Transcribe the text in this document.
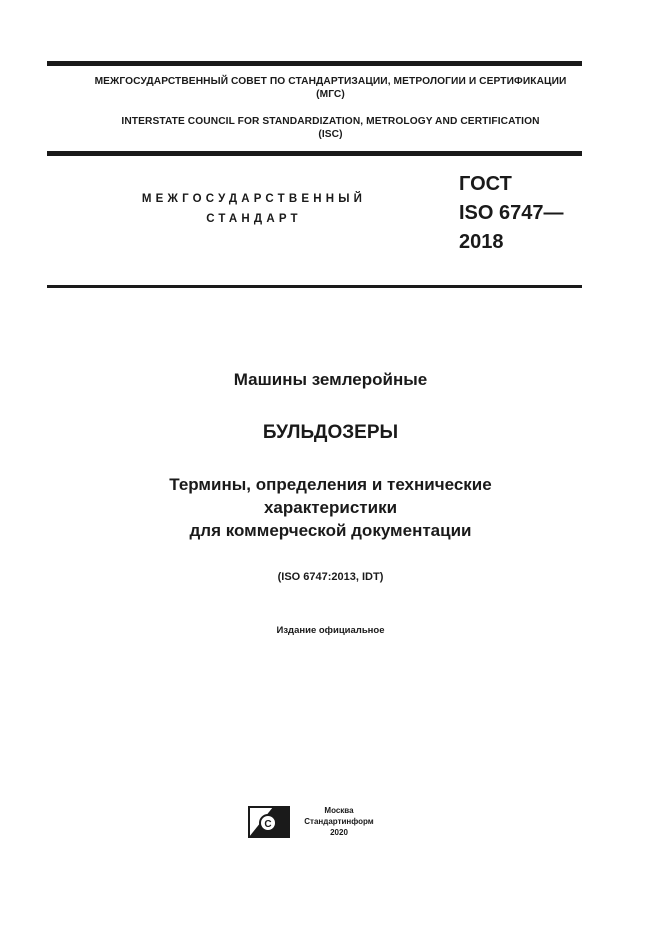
МЕЖГОСУДАРСТВЕННЫЙ СОВЕТ ПО СТАНДАРТИЗАЦИИ, МЕТРОЛОГИИ И СЕРТИФИКАЦИИ
(МГС)
INTERSTATE COUNCIL FOR STANDARDIZATION, METROLOGY AND CERTIFICATION
(ISC)
МЕЖГОСУДАРСТВЕННЫЙ
СТАНДАРТ
ГОСТ
ISO 6747—
2018
Машины землеройные
БУЛЬДОЗЕРЫ
Термины, определения и технические
характеристики
для коммерческой документации
(ISO 6747:2013, IDT)
Издание официальное
С
Москва
Стандартинформ
2020
